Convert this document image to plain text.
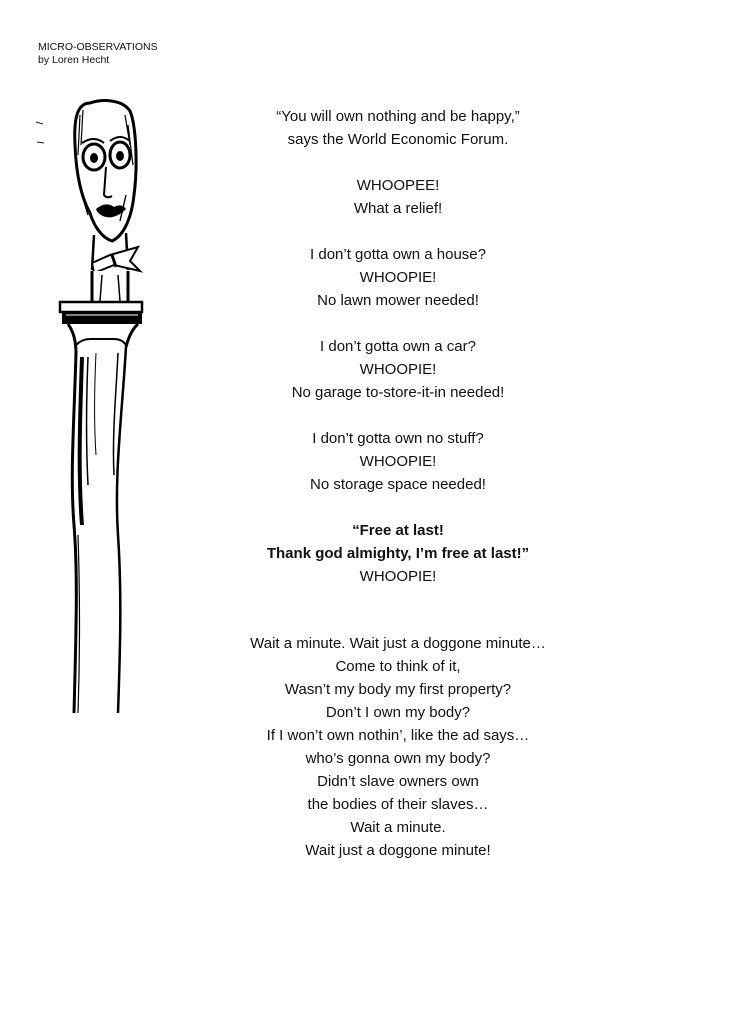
MICRO-OBSERVATIONS
by Loren Hecht
“You will own nothing and be happy,”
says the World Economic Forum.
WHOOPEE!
What a relief!
I don’t gotta own a house?
WHOOPIE!
No lawn mower needed!
I don’t gotta own a car?
WHOOPIE!
No garage to-store-it-in needed!
I don’t gotta own no stuff?
WHOOPIE!
No storage space needed!
“Free at last!
Thank god almighty, I’m free at last!”
WHOOPIE!
Wait a minute. Wait just a doggone minute…
Come to think of it,
Wasn’t my body my first property?
Don’t I own my body?
If I won’t own nothin’, like the ad says…
who’s gonna own my body?
Didn’t slave owners own
the bodies of their slaves…
Wait a minute.
Wait just a doggone minute!
